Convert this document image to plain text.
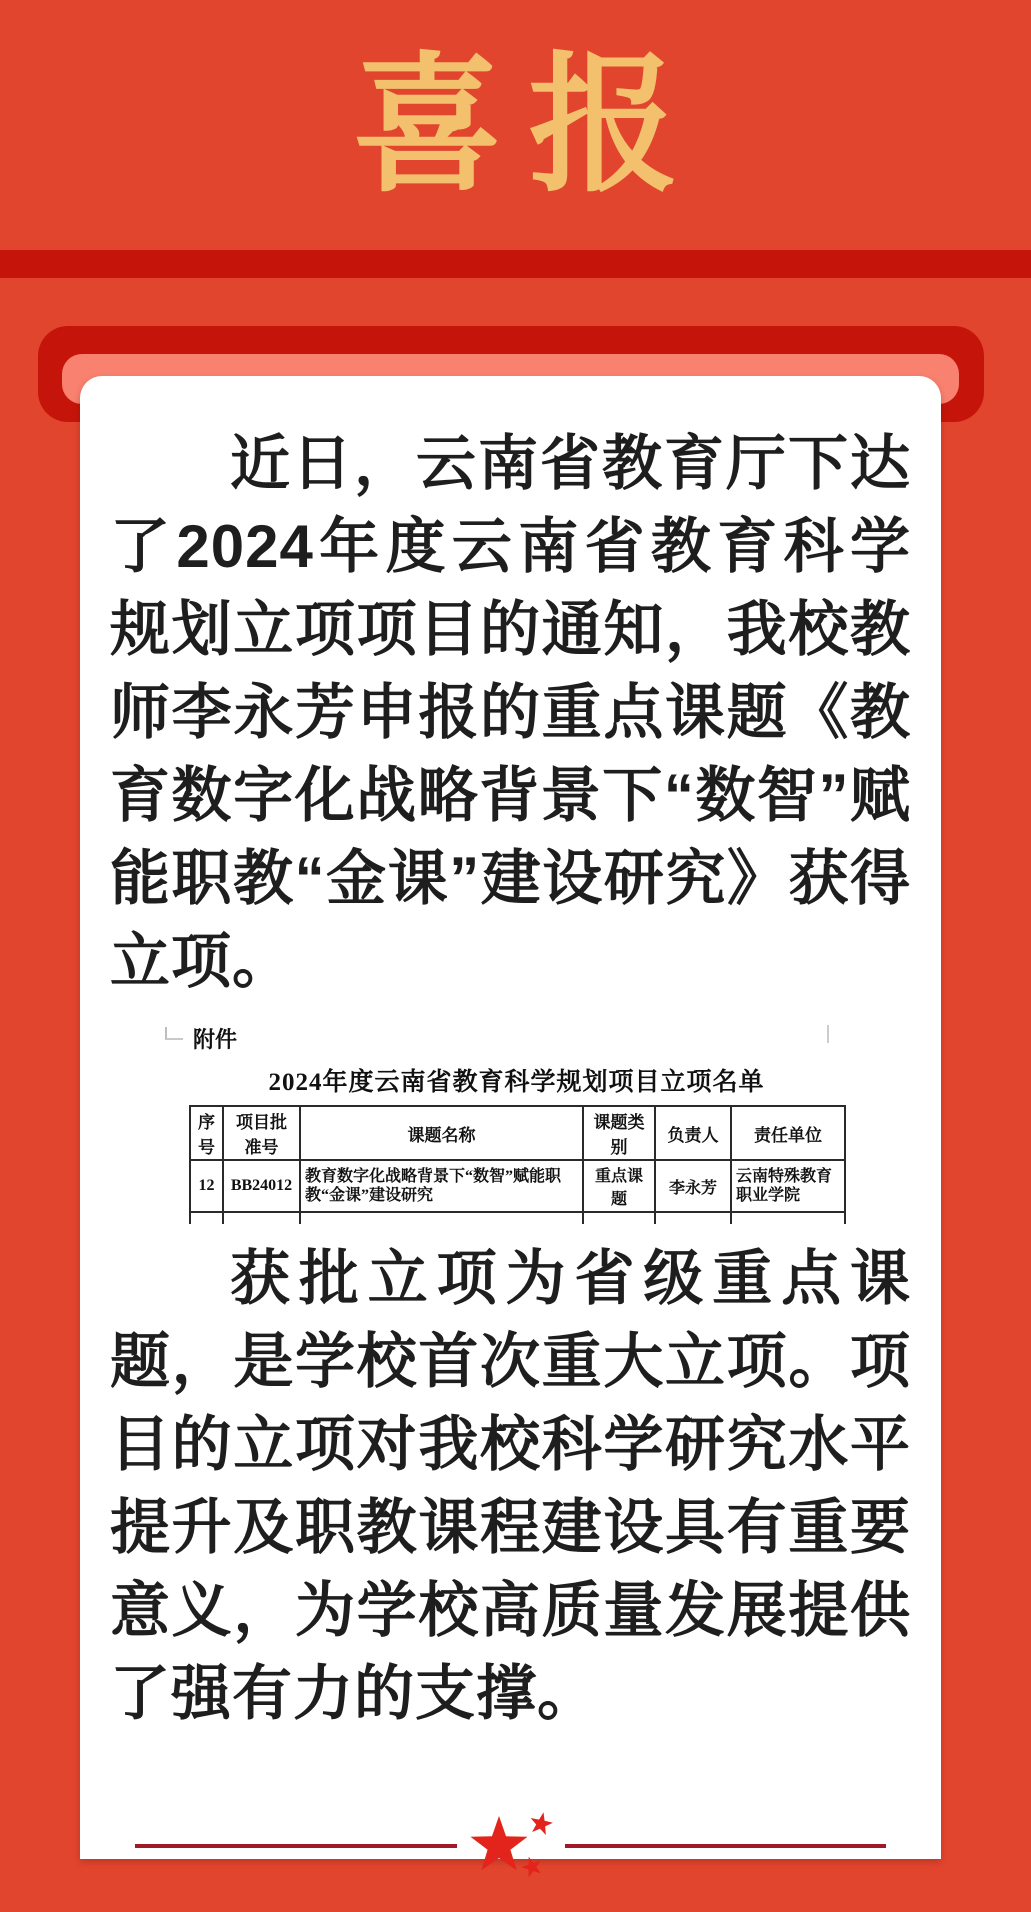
喜报

近日，云南省教育厅下达了2024年度云南省教育科学规划立项项目的通知，我校教师李永芳申报的重点课题《教育数字化战略背景下“数智”赋能职教“金课”建设研究》获得立项。

附件
2024年度云南省教育科学规划项目立项名单
序号	项目批准号	课题名称	课题类别	负责人	责任单位
12	BB24012	教育数字化战略背景下“数智”赋能职教“金课”建设研究	重点课题	李永芳	云南特殊教育职业学院

获批立项为省级重点课题，是学校首次重大立项。项目的立项对我校科学研究水平提升及职教课程建设具有重要意义，为学校高质量发展提供了强有力的支撑。
